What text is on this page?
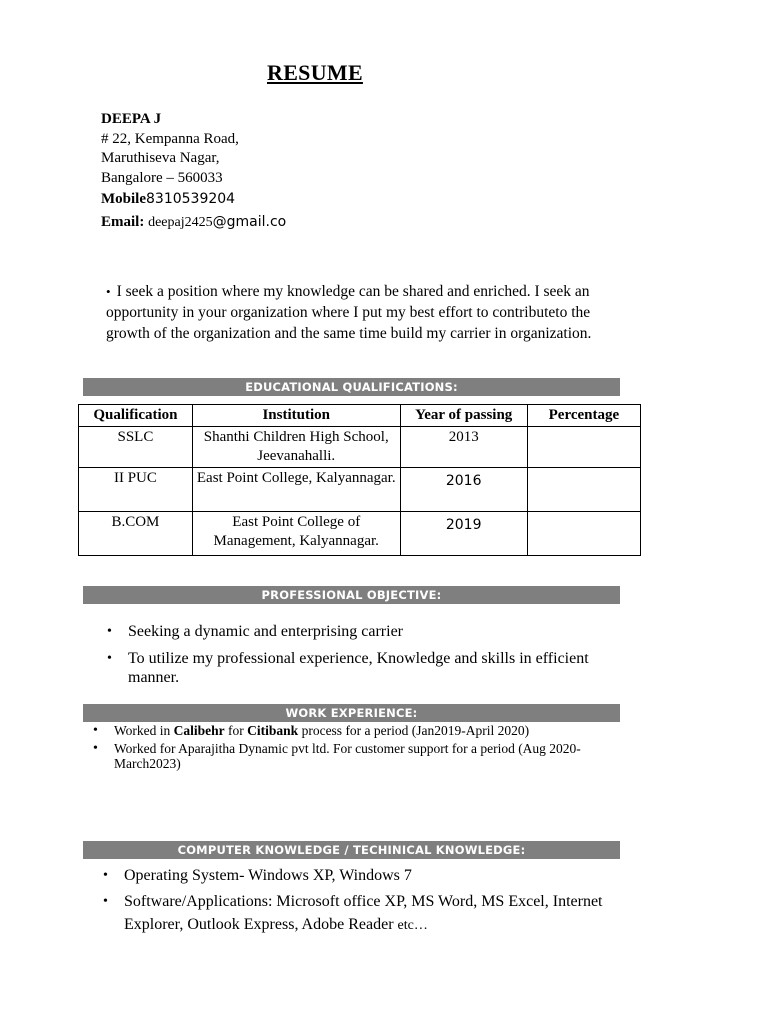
RESUME
DEEPA J
# 22, Kempanna Road,
Maruthiseva Nagar,
Bangalore – 560033
Mobile8310539204
Email: deepaj2425@gmail.co
• I seek a position where my knowledge can be shared and enriched. I seek an opportunity in your organization where I put my best effort to contributeto the growth of the organization and the same time build my carrier in organization.
EDUCATIONAL QUALIFICATIONS:
Qualification	Institution	Year of passing	Percentage
SSLC	Shanthi Children High School, Jeevanahalli.	2013	
II PUC	East Point College, Kalyannagar.	2016	
B.COM	East Point College of Management, Kalyannagar.	2019	
PROFESSIONAL OBJECTIVE:
• Seeking a dynamic and enterprising carrier
• To utilize my professional experience, Knowledge and skills in efficient manner.
WORK EXPERIENCE:
• Worked in Calibehr for Citibank process for a period (Jan2019-April 2020)
• Worked for Aparajitha Dynamic pvt ltd. For customer support for a period (Aug 2020-March2023)
COMPUTER KNOWLEDGE / TECHINICAL KNOWLEDGE:
• Operating System- Windows XP, Windows 7
• Software/Applications: Microsoft office XP, MS Word, MS Excel, Internet Explorer, Outlook Express, Adobe Reader etc…
